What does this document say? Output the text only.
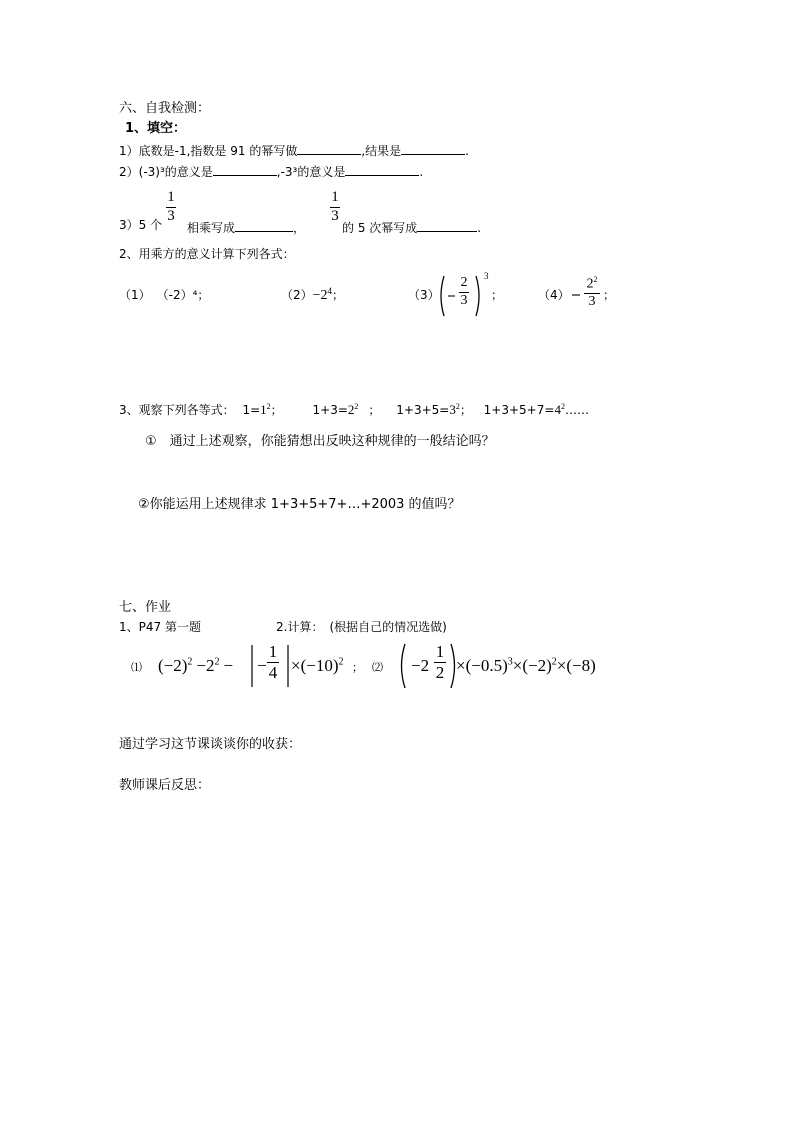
六、自我检测：
1、填空：
1）底数是-1,指数是 91 的幂写做	,结果是	.
2）(-3)³的意义是	,-3³的意义是	.
3）5 个
$\frac{1}{3}$
相乘写成	，
$\frac{1}{3}$
的 5 次幂写成	.
2、用乘方的意义计算下列各式：
（1） （-2）⁴；	$(2)-2^4$；	$(3) \frac{2}{3} 3$
；	$(4) \frac{2^2}{3}$ ；
3、观察下列各等式： $1=1^2$； $1+3=2^2$ ； $1+3+5=3^2$； $1+3+5+7=4^2\dots\dots$
①　通过上述观察，你能猜想出反映这种规律的一般结论吗？
②你能运用上述规律求 1+3+5+7+…+2003 的值吗？
七、作业
1、P47 第一题	2.计算：　(根据自己的情况选做)
⑴ $(-2)^2 -2^2$ − − $\frac{1}{4} \times(-10)^2$ ； ⑵ $-2 \frac{1}{2} \times(-0.5)^3\times(-2)^2\times(-8)$
通过学习这节课谈谈你的收获：
教师课后反思：
